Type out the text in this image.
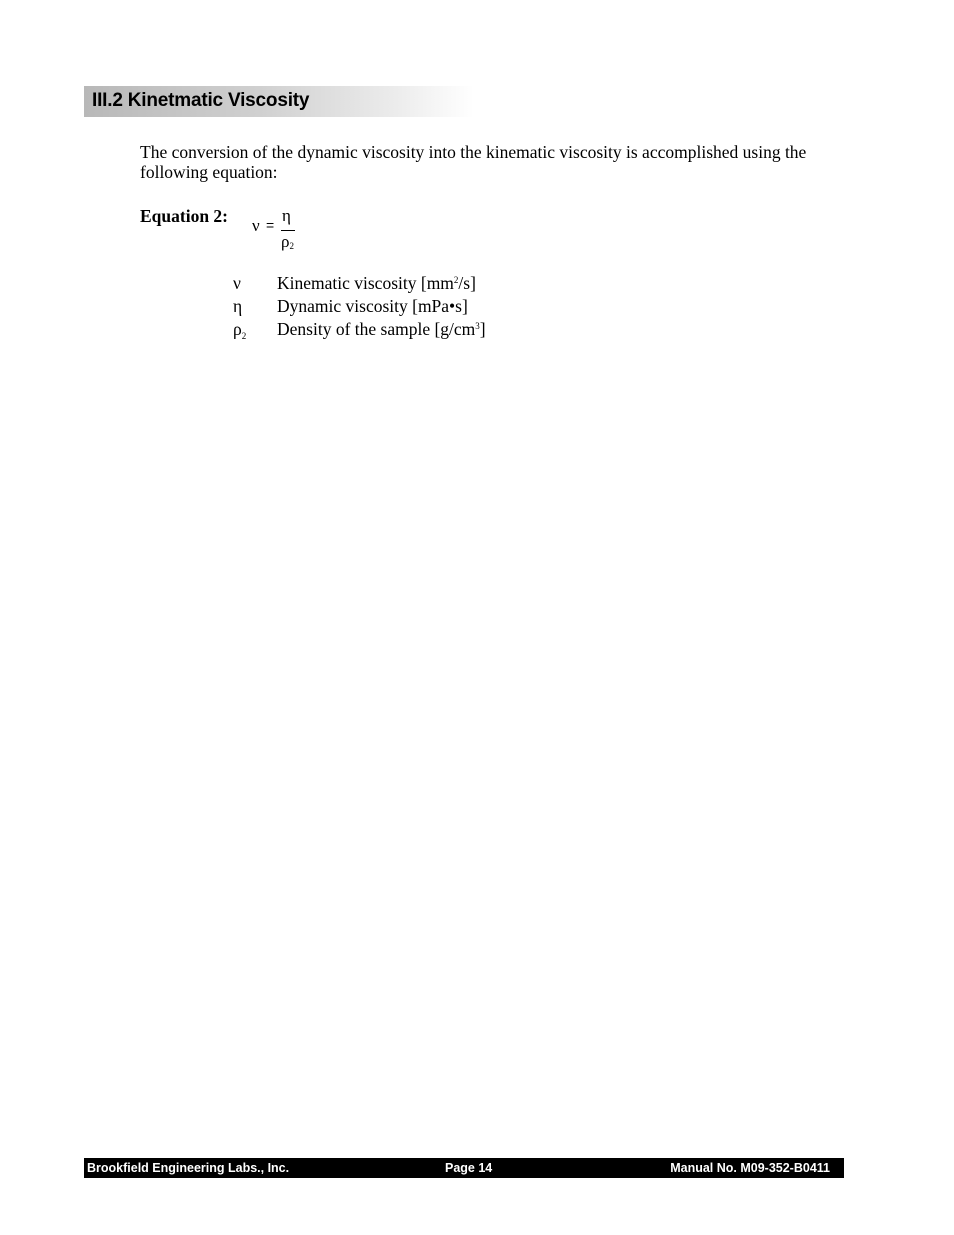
III.2 Kinetmatic Viscosity

The conversion of the dynamic viscosity into the kinematic viscosity is accomplished using the following equation:

Equation 2: ν = η
$\rho_2$
ν Kinematic viscosity $[mm^2/s]$
η Dynamic viscosity [mPa•s]
$\rho_2$ Density of the sample $[g/cm^3]$
Brookfield Engineering Labs., Inc.	Page 14	Manual No. M09-352-B0411
